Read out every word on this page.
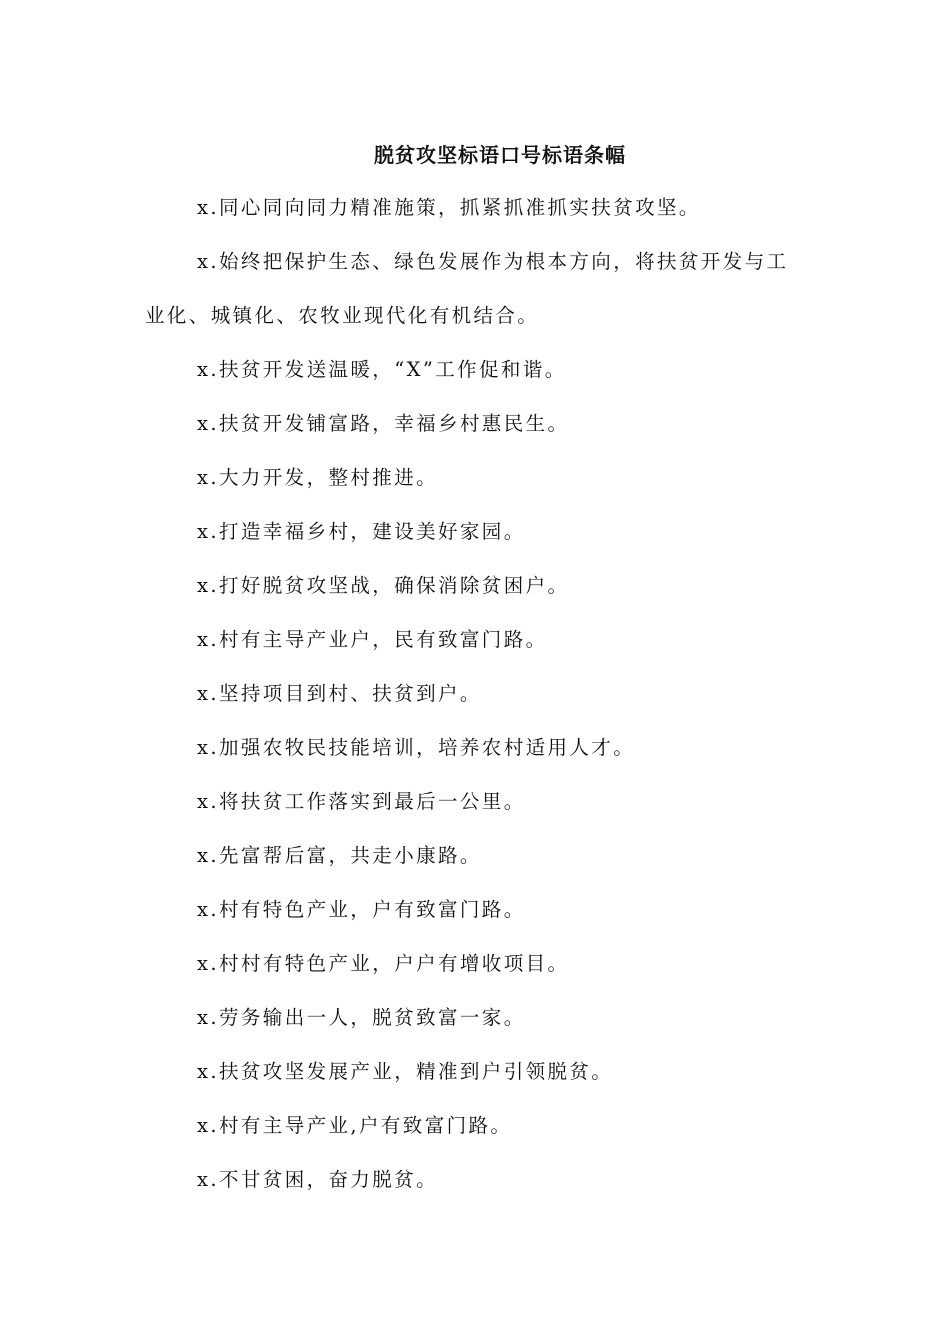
脱贫攻坚标语口号标语条幅
x.同心同向同力精准施策，抓紧抓准抓实扶贫攻坚。
x.始终把保护生态、绿色发展作为根本方向，将扶贫开发与工
业化、城镇化、农牧业现代化有机结合。
x.扶贫开发送温暖，“X”工作促和谐。
x.扶贫开发铺富路，幸福乡村惠民生。
x.大力开发，整村推进。
x.打造幸福乡村，建设美好家园。
x.打好脱贫攻坚战，确保消除贫困户。
x.村有主导产业户，民有致富门路。
x.坚持项目到村、扶贫到户。
x.加强农牧民技能培训，培养农村适用人才。
x.将扶贫工作落实到最后一公里。
x.先富帮后富，共走小康路。
x.村有特色产业，户有致富门路。
x.村村有特色产业，户户有增收项目。
x.劳务输出一人，脱贫致富一家。
x.扶贫攻坚发展产业，精准到户引领脱贫。
x.村有主导产业,户有致富门路。
x.不甘贫困，奋力脱贫。
